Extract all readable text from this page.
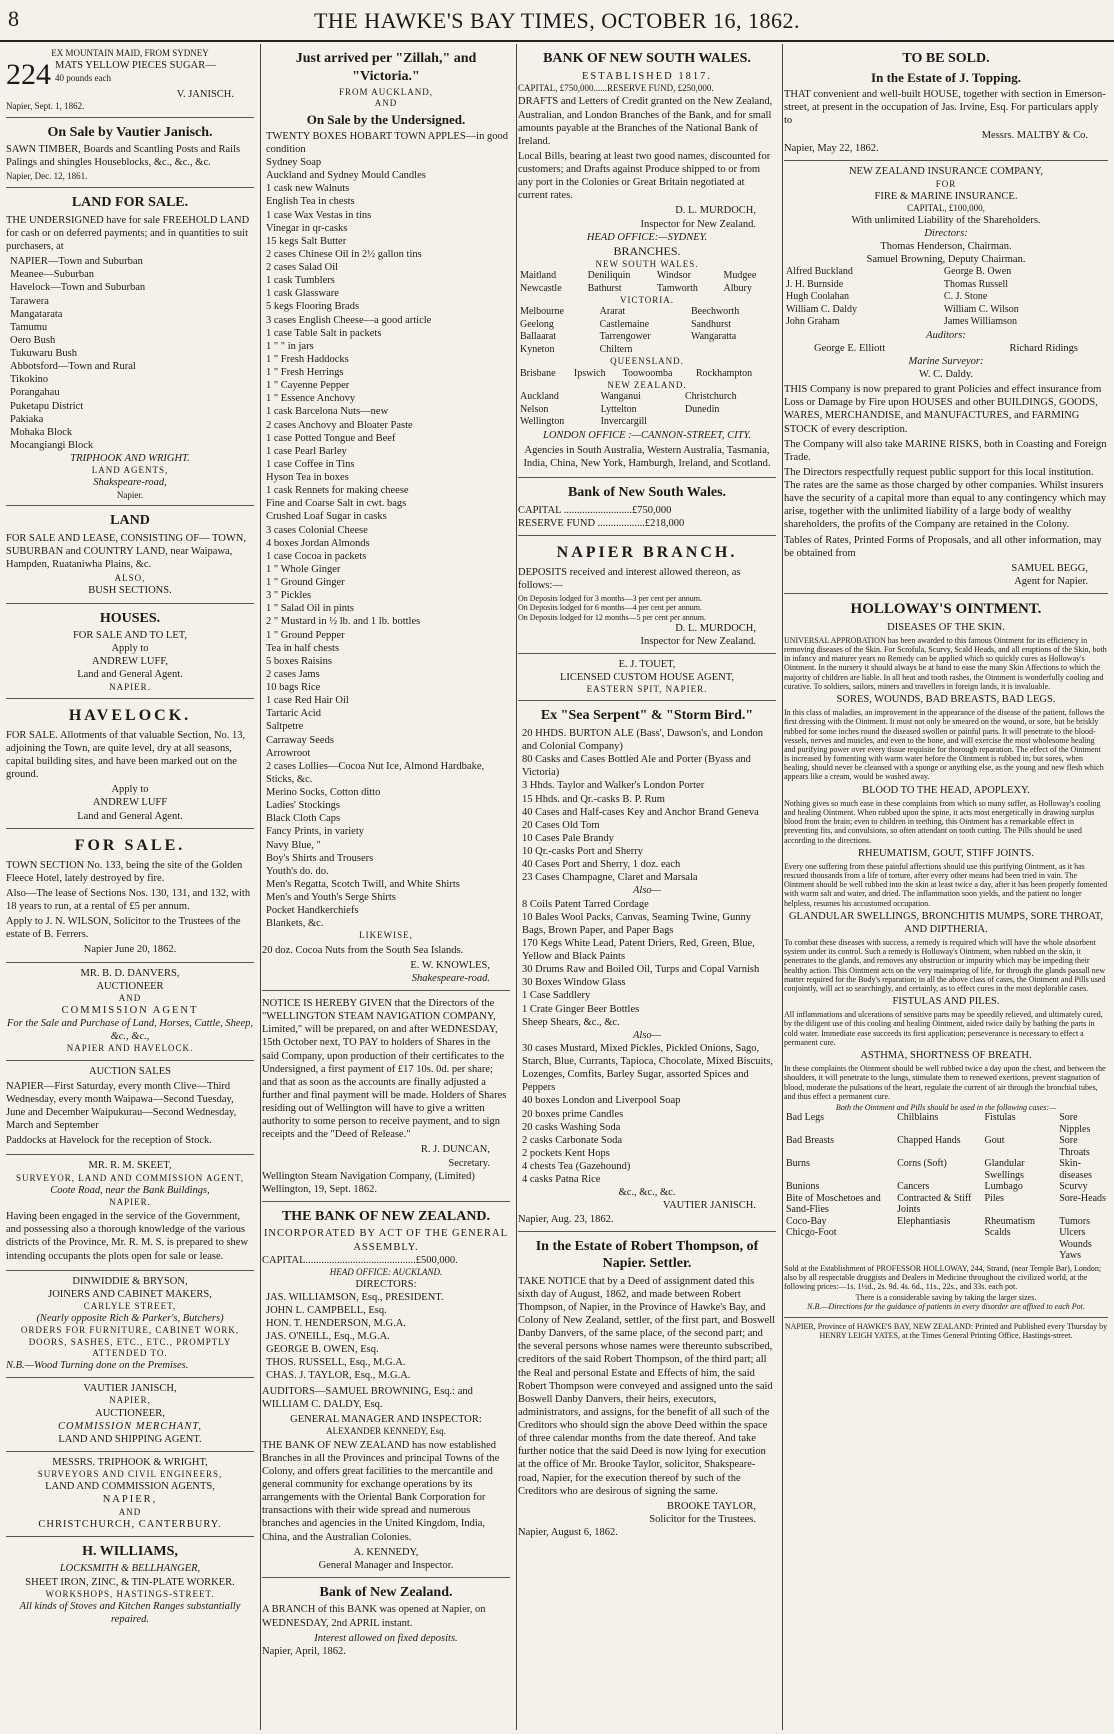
8	THE HAWKE'S BAY TIMES, OCTOBER 16, 1862.
EX MOUNTAIN MAID, FROM SYDNEY
224 MATS YELLOW PIECES SUGAR—
40 pounds each
V. JANISCH.
Napier, Sept. 1, 1862.
On Sale by Vautier Janisch.

SAWN TIMBER, Boards and Scantling Posts and Rails Palings and shingles Houseblocks, &c., &c., &c.

Napier, Dec. 12, 1861.
LAND FOR SALE.

THE UNDERSIGNED have for sale FREEHOLD LAND for cash or on deferred payments; and in quantities to suit purchasers, at

NAPIER—Town and Suburban
Meanee—Suburban
Havelock—Town and Suburban
Tarawera
Mangatarata
Tamumu
Oero Bush
Tukuwaru Bush
Abbotsford—Town and Rural
Tikokino
Porangahau
Puketapu District
Pakiaka
Mohaka Block
Mocangiangi Block
TRIPHOOK AND WRIGHT.
LAND AGENTS,
Shakspeare-road,
Napier.
LAND

FOR SALE AND LEASE, CONSISTING OF— TOWN, SUBURBAN and COUNTRY LAND, near Waipawa, Hampden, Ruataniwha Plains, &c.

ALSO,
BUSH SECTIONS.
HOUSES.
FOR SALE AND TO LET,
Apply to
ANDREW LUFF,
Land and General Agent.
NAPIER.
HAVELOCK.

FOR SALE. Allotments of that valuable Section, No. 13, adjoining the Town, are quite level, dry at all seasons, capital building sites, and have been marked out on the ground.

Apply to
ANDREW LUFF
Land and General Agent.
FOR SALE.

TOWN SECTION No. 133, being the site of the Golden Fleece Hotel, lately destroyed by fire.

Also—The lease of Sections Nos. 130, 131, and 132, with 18 years to run, at a rental of £5 per annum.

Apply to J. N. WILSON, Solicitor to the Trustees of the estate of B. Ferrers.

Napier June 20, 1862.
MR. B. D. DANVERS,
AUCTIONEER
AND
COMMISSION AGENT
For the Sale and Purchase of Land, Horses, Cattle, Sheep, &c., &c.,
NAPIER AND HAVELOCK.
AUCTION SALES

NAPIER—First Saturday, every month Clive—Third Wednesday, every month Waipawa—Second Tuesday, June and December Waipukurau—Second Wednesday, March and September

Paddocks at Havelock for the reception of Stock.

MR. R. M. SKEET,
SURVEYOR, LAND AND COMMISSION AGENT,
Coote Road, near the Bank Buildings,
NAPIER.

Having been engaged in the service of the Government, and possessing also a thorough knowledge of the various districts of the Province, Mr. R. M. S. is prepared to shew intending occupants the plots open for sale or lease.

DINWIDDIE & BRYSON,
JOINERS AND CABINET MAKERS,
CARLYLE STREET,
(Nearly opposite Rich & Parker's, Butchers)
ORDERS FOR FURNITURE, CABINET WORK, DOORS, SASHES, ETC., ETC., PROMPTLY ATTENDED TO.
N.B.—Wood Turning done on the Premises.
VAUTIER JANISCH,
NAPIER,
AUCTIONEER,
COMMISSION MERCHANT,
LAND AND SHIPPING AGENT.
MESSRS. TRIPHOOK & WRIGHT,
SURVEYORS AND CIVIL ENGINEERS,
LAND AND COMMISSION AGENTS,
NAPIER,
AND
CHRISTCHURCH, CANTERBURY.
H. WILLIAMS,
LOCKSMITH & BELLHANGER,
SHEET IRON, ZINC, & TIN-PLATE WORKER.
WORKSHOPS, HASTINGS-STREET.
All kinds of Stoves and Kitchen Ranges substantially repaired.
Just arrived per "Zillah," and "Victoria."
FROM AUCKLAND,
AND
On Sale by the Undersigned.
TWENTY BOXES HOBART TOWN APPLES—in good condition
Sydney Soap
Auckland and Sydney Mould Candles
1 cask new Walnuts
English Tea in chests
1 case Wax Vestas in tins
Vinegar in qr-casks
15 kegs Salt Butter
2 cases Chinese Oil in 2½ gallon tins
2 cases Salad Oil
1 cask Tumblers
1 cask Glassware
5 kegs Flooring Brads
3 cases English Cheese—a good article
1 case Table Salt in packets
1 " " in jars
1 " Fresh Haddocks
1 " Fresh Herrings
1 " Cayenne Pepper
1 " Essence Anchovy
1 cask Barcelona Nuts—new
2 cases Anchovy and Bloater Paste
1 case Potted Tongue and Beef
1 case Pearl Barley
1 case Coffee in Tins
Hyson Tea in boxes
1 cask Rennets for making cheese
Fine and Coarse Salt in cwt. bags
Crushed Loaf Sugar in casks
3 cases Colonial Cheese
4 boxes Jordan Almonds
1 case Cocoa in packets
1 " Whole Ginger
1 " Ground Ginger
3 " Pickles
1 " Salad Oil in pints
2 " Mustard in ½ lb. and 1 lb. bottles
1 " Ground Pepper
Tea in half chests
5 boxes Raisins
2 cases Jams
10 bags Rice
1 case Red Hair Oil
Tartaric Acid
Saltpetre
Carraway Seeds
Arrowroot
2 cases Lollies—Cocoa Nut Ice, Almond Hardbake, Sticks, &c.
Merino Socks, Cotton ditto
Ladies' Stockings
Black Cloth Caps
Fancy Prints, in variety
Navy Blue, "
Boy's Shirts and Trousers
Youth's do. do.
Men's Regatta, Scotch Twill, and White Shirts
Men's and Youth's Serge Shirts
Pocket Handkerchiefs
Blankets, &c.
LIKEWISE,

20 doz. Cocoa Nuts from the South Sea Islands.

E. W. KNOWLES,
Shakespeare-road.

NOTICE IS HEREBY GIVEN that the Directors of the "WELLINGTON STEAM NAVIGATION COMPANY, Limited," will be prepared, on and after WEDNESDAY, 15th October next, TO PAY to holders of Shares in the said Company, upon production of their certificates to the Undersigned, a first payment of £17 10s. 0d. per share; and that as soon as the accounts are finally adjusted a further and final payment will be made. Holders of Shares residing out of Wellington will have to give a written authority to some person to receive payment, and to sign receipts and the "Deed of Release."

R. J. DUNCAN,
Secretary.
Wellington Steam Navigation Company, (Limited)
Wellington, 19, Sept. 1862.
THE BANK OF NEW ZEALAND.
INCORPORATED BY ACT OF THE GENERAL ASSEMBLY.
CAPITAL..........................................£500,000.
HEAD OFFICE: AUCKLAND.
DIRECTORS:
JAS. WILLIAMSON, Esq., PRESIDENT.
JOHN L. CAMPBELL, Esq.
HON. T. HENDERSON, M.G.A.
JAS. O'NEILL, Esq., M.G.A.
GEORGE B. OWEN, Esq.
THOS. RUSSELL, Esq., M.G.A.
CHAS. J. TAYLOR, Esq., M.G.A.

AUDITORS—SAMUEL BROWNING, Esq.: and WILLIAM C. DALDY, Esq.

GENERAL MANAGER AND INSPECTOR:
ALEXANDER KENNEDY, Esq.

THE BANK OF NEW ZEALAND has now established Branches in all the Provinces and principal Towns of the Colony, and offers great facilities to the mercantile and general community for exchange operations by its arrangements with the Oriental Bank Corporation for transactions with their wide spread and numerous branches and agencies in the United Kingdom, India, China, and the Australian Colonies.

A. KENNEDY,
General Manager and Inspector.
Bank of New Zealand.

A BRANCH of this BANK was opened at Napier, on WEDNESDAY, 2nd APRIL instant.

Interest allowed on fixed deposits.
Napier, April, 1862.
BANK OF NEW SOUTH WALES.
ESTABLISHED 1817.
CAPITAL, £750,000......RESERVE FUND, £250,000.

DRAFTS and Letters of Credit granted on the New Zealand, Australian, and London Branches of the Bank, and for small amounts payable at the Branches of the National Bank of Ireland.

Local Bills, bearing at least two good names, discounted for customers; and Drafts against Produce shipped to or from any port in the Colonies or Great Britain negotiated at current rates.

D. L. MURDOCH,
Inspector for New Zealand.
HEAD OFFICE:—SYDNEY.
BRANCHES.
NEW SOUTH WALES.
Maitland	Deniliquin	Windsor	Mudgee
Newcastle	Bathurst	Tamworth	Albury
VICTORIA.
Melbourne	Ararat	Beechworth
Geelong	Castlemaine	Sandhurst
Ballaarat	Tarrengower	Wangaratta
Kyneton	Chiltern	
QUEENSLAND.
Brisbane	Ipswich	Toowoomba	Rockhampton
NEW ZEALAND.
Auckland	Wanganui	Christchurch
Nelson	Lyttelton	Dunedin
Wellington	Invercargill	
LONDON OFFICE :—CANNON-STREET, CITY.

Agencies in South Australia, Western Australia, Tasmania, India, China, New York, Hamburgh, Ireland, and Scotland.

Bank of New South Wales.
CAPITAL ..........................£750,000
RESERVE FUND ..................£218,000
NAPIER BRANCH.

DEPOSITS received and interest allowed thereon, as follows:—

On Deposits lodged for 3 months—3 per cent per annum.
On Deposits lodged for 6 months—4 per cent per annum.
On Deposits lodged for 12 months—5 per cent per annum.
D. L. MURDOCH,
Inspector for New Zealand.
E. J. TOUET,
LICENSED CUSTOM HOUSE AGENT,
EASTERN SPIT, NAPIER.
Ex "Sea Serpent" & "Storm Bird."
20 HHDS. BURTON ALE (Bass', Dawson's, and London and Colonial Company)
80 Casks and Cases Bottled Ale and Porter (Byass and Victoria)
3 Hhds. Taylor and Walker's London Porter
15 Hhds. and Qr.-casks B. P. Rum
40 Cases and Half-cases Key and Anchor Brand Geneva
20 Cases Old Tom
10 Cases Pale Brandy
10 Qr.-casks Port and Sherry
40 Cases Port and Sherry, 1 doz. each
23 Cases Champagne, Claret and Marsala
Also—
8 Coils Patent Tarred Cordage
10 Bales Wool Packs, Canvas, Seaming Twine, Gunny Bags, Brown Paper, and Paper Bags
170 Kegs White Lead, Patent Driers, Red, Green, Blue, Yellow and Black Paints
30 Drums Raw and Boiled Oil, Turps and Copal Varnish
30 Boxes Window Glass
1 Case Saddlery
1 Crate Ginger Beer Bottles
Sheep Shears, &c., &c.
Also—
30 cases Mustard, Mixed Pickles, Pickled Onions, Sago, Starch, Blue, Currants, Tapioca, Chocolate, Mixed Biscuits, Lozenges, Comfits, Barley Sugar, assorted Spices and Peppers
40 boxes London and Liverpool Soap
20 boxes prime Candles
20 casks Washing Soda
2 casks Carbonate Soda
2 pockets Kent Hops
4 chests Tea (Gazehound)
4 casks Patna Rice
&c., &c., &c.
VAUTIER JANISCH.
Napier, Aug. 23, 1862.
In the Estate of Robert Thompson, of Napier. Settler.

TAKE NOTICE that by a Deed of assignment dated this sixth day of August, 1862, and made between Robert Thompson, of Napier, in the Province of Hawke's Bay, and Colony of New Zealand, settler, of the first part, and Boswell Danby Danvers, of the same place, of the second part; and the several persons whose names were thereunto subscribed, creditors of the said Robert Thompson, of the third part; all the Real and personal Estate and Effects of him, the said Robert Thompson were conveyed and assigned unto the said Boswell Danby Danvers, their heirs, executors, administrators, and assigns, for the benefit of all such of the Creditors who should sign the above Deed within the space of three calendar months from the date thereof. And take further notice that the said Deed is now lying for execution at the office of Mr. Brooke Taylor, solicitor, Shakspeare-road, Napier, for the execution thereof by such of the Creditors who are desirous of signing the same.

BROOKE TAYLOR,
Solicitor for the Trustees.
Napier, August 6, 1862.
TO BE SOLD.
In the Estate of J. Topping.

THAT convenient and well-built HOUSE, together with section in Emerson-street, at present in the occupation of Jas. Irvine, Esq. For particulars apply to

Messrs. MALTBY & Co.
Napier, May 22, 1862.
NEW ZEALAND INSURANCE COMPANY,
FOR
FIRE & MARINE INSURANCE.
CAPITAL, £100,000,
With unlimited Liability of the Shareholders.
Directors:
Thomas Henderson, Chairman.
Samuel Browning, Deputy Chairman.
Alfred Buckland	George B. Owen
J. H. Burnside	Thomas Russell
Hugh Coolahan	C. J. Stone
William C. Daldy	William C. Wilson
John Graham	James Williamson
Auditors:
George E. Elliott	Richard Ridings
Marine Surveyor:
W. C. Daldy.

THIS Company is now prepared to grant Policies and effect insurance from Loss or Damage by Fire upon HOUSES and other BUILDINGS, GOODS, WARES, MERCHANDISE, and MANUFACTURES, and FARMING STOCK of every description.

The Company will also take MARINE RISKS, both in Coasting and Foreign Trade.

The Directors respectfully request public support for this local institution. The rates are the same as those charged by other companies. Whilst insurers have the security of a capital more than equal to any contingency which may arise, together with the unlimited liability of a large body of wealthy shareholders, the profits of the Company are retained in the Colony.

Tables of Rates, Printed Forms of Proposals, and all other information, may be obtained from

SAMUEL BEGG,
Agent for Napier.
HOLLOWAY'S OINTMENT.
DISEASES OF THE SKIN.

UNIVERSAL APPROBATION has been awarded to this famous Ointment for its efficiency in removing diseases of the Skin. For Scrofula, Scurvy, Scald Heads, and all eruptions of the Skin, both in infancy and maturer years no Remedy can be applied which so quickly cures as Holloway's Ointment. In the nursery it should always be at hand to ease the many Skin Affections to which the majority of children are liable. In all heat and tooth rashes, the Ointment is wonderfully cooling and curative. To soldiers, sailors, miners and travellers in foreign lands, it is invaluable.

SORES, WOUNDS, BAD BREASTS, BAD LEGS.

In this class of maladies, an improvement in the appearance of the disease of the patient, follows the first dressing with the Ointment. It must not only be smeared on the wound, or sore, but be briskly rubbed for some inches round the diseased swollen or painful parts. It will penetrate to the blood-vessels, nerves and muscles, and even to the bone, and will exercise the most wholesome healing and purifying power over every tissue requisite for thorough reparation. The effect of the Ointment is increased by fomenting with warm water before the Ointment is rubbed in; but sores, when healing, should never be cleansed with a sponge or anything else, as the young and new flesh which appears like a cream, would be washed away.

BLOOD TO THE HEAD, APOPLEXY.

Nothing gives so much ease in these complaints from which so many suffer, as Holloway's cooling and healing Ointment. When rubbed upon the spine, it acts most energetically in drawing surplus blood from the brain; even to children in teething, this Ointment has a remarkable effect in preventing fits, and convulsions, so often attendant on tooth cutting. The Pills should be used according to the directions.

RHEUMATISM, GOUT, STIFF JOINTS.

Every one suffering from these painful affections should use this purifying Ointment, as it has rescued thousands from a life of torture, after every other means had been tried in vain. The Ointment should be well rubbed into the skin at least twice a day, after it has been properly fomented with warm salt and water, and dried. The inflammation soon yields, and the patient no longer helpless, resumes his accustomed occupation.

GLANDULAR SWELLINGS, BRONCHITIS MUMPS, SORE THROAT, AND DIPTHERIA.

To combat these diseases with success, a remedy is required which will have the whole absorbent system under its control. Such a remedy is Holloway's Ointment, when rubbed on the skin, it penetrates to the glands, and removes any obstruction or impurity which may be impeding their healthy action. This Ointment acts on the very mainspring of life, for through the glands passall new matter required for the Body's reparation; in all the above class of cases, the Ointment and Pills used conjointly, will act so searchingly, and certainly, as to effect cures in the most deplorable cases.

FISTULAS AND PILES.

All inflammations and ulcerations of sensitive parts may be speedily relieved, and ultimately cured, by the diligent use of this cooling and healing Ointment, aided twice daily by bathing the parts in cold water. Immediate ease succeeds its first application; perseverance is necessary to effect a permanent cure.

ASTHMA, SHORTNESS OF BREATH.

In these complaints the Ointment should be well rubbed twice a day upon the chest, and between the shoulders, it will penetrate to the lungs, stimulate them to renewed exertions, prevent stagnation of blood, moderate the pulsations of the heart, regulate the current of air through the bronchial tubes, and thus effect a permanent cure.

Both the Ointment and Pills should be used in the following cases:—
Bad Legs	Chilblains	Fistulas	Sore Nipples
Bad Breasts	Chapped Hands	Gout	Sore Throats
Burns	Corns (Soft)	Glandular Swellings	Skin-diseases
Bunions	Cancers	Lumbago	Scurvy
Bite of Moschetoes and Sand-Flies	Contracted & Stiff Joints	Piles	Sore-Heads
Coco-Bay	Elephantiasis	Rheumatism	Tumors
Chicgo-Foot		Scalds	Ulcers
			Wounds
			Yaws

Sold at the Establishment of PROFESSOR HOLLOWAY, 244, Strand, (near Temple Bar), London; also by all respectable druggists and Dealers in Medicine throughout the civilized world, at the following prices:—1s. 1½d., 2s. 9d. 4s. 6d., 11s., 22s., and 33s. each pot.

There is a considerable saving by taking the larger sizes.
N.B.—Directions for the guidance of patients in every disorder are affixed to each Pot.
NAPIER, Province of HAWKE'S BAY, NEW ZEALAND: Printed and Published every Thursday by HENRY LEIGH YATES, at the Times General Printing Office, Hastings-street.
